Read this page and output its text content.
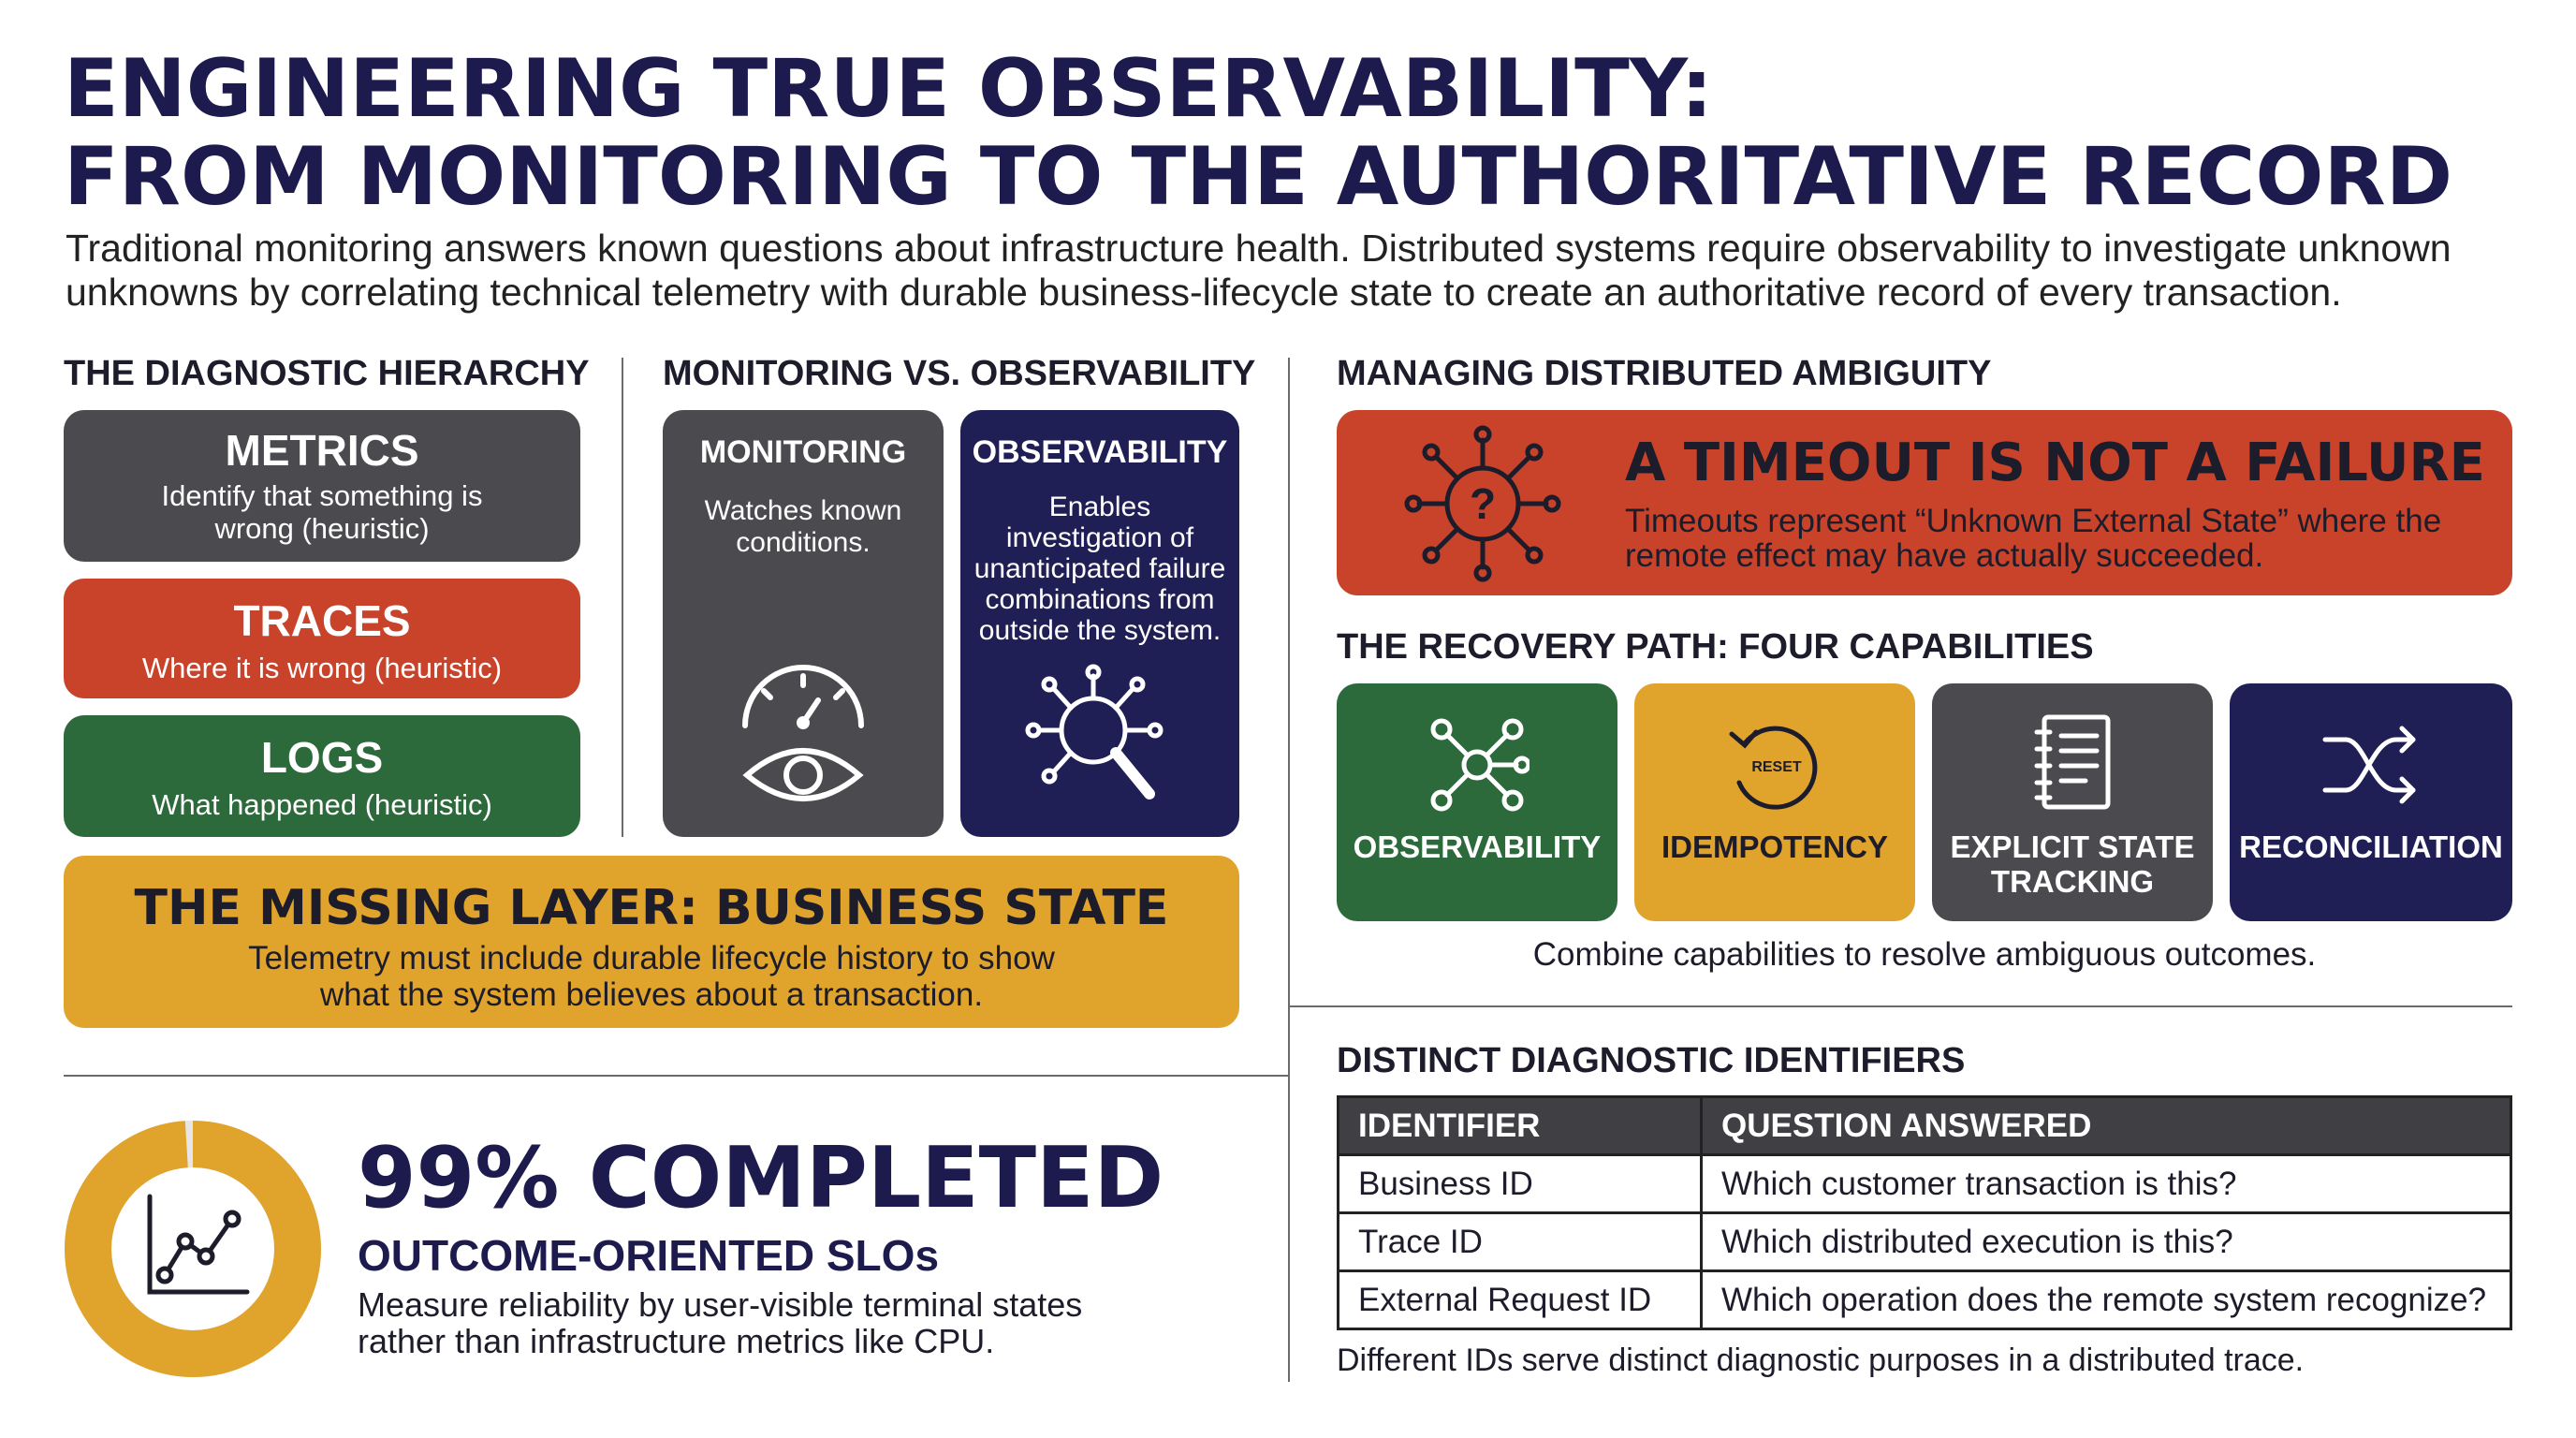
ENGINEERING TRUE OBSERVABILITY:
FROM MONITORING TO THE AUTHORITATIVE RECORD
Traditional monitoring answers known questions about infrastructure health. Distributed systems require observability to investigate unknown unknowns by correlating technical telemetry with durable business-lifecycle state to create an authoritative record of every transaction.
THE DIAGNOSTIC HIERARCHY
METRICS
Identify that something is wrong (heuristic)
TRACES
Where it is wrong (heuristic)
LOGS
What happened (heuristic)
MONITORING VS. OBSERVABILITY
MONITORING
Watches known conditions.
OBSERVABILITY
Enables investigation of unanticipated failure combinations from outside the system.
THE MISSING LAYER: BUSINESS STATE
Telemetry must include durable lifecycle history to show what the system believes about a transaction.
99% COMPLETED
OUTCOME-ORIENTED SLOs
Measure reliability by user-visible terminal states rather than infrastructure metrics like CPU.
MANAGING DISTRIBUTED AMBIGUITY
?
A TIMEOUT IS NOT A FAILURE
Timeouts represent “Unknown External State” where the remote effect may have actually succeeded.
THE RECOVERY PATH: FOUR CAPABILITIES
OBSERVABILITY
RESET
IDEMPOTENCY	EXPLICIT STATE TRACKING
RECONCILIATION
Combine capabilities to resolve ambiguous outcomes.
DISTINCT DIAGNOSTIC IDENTIFIERS
IDENTIFIER	QUESTION ANSWERED
Business ID	Which customer transaction is this?
Trace ID	Which distributed execution is this?
External Request ID	Which operation does the remote system recognize?
Different IDs serve distinct diagnostic purposes in a distributed trace.
